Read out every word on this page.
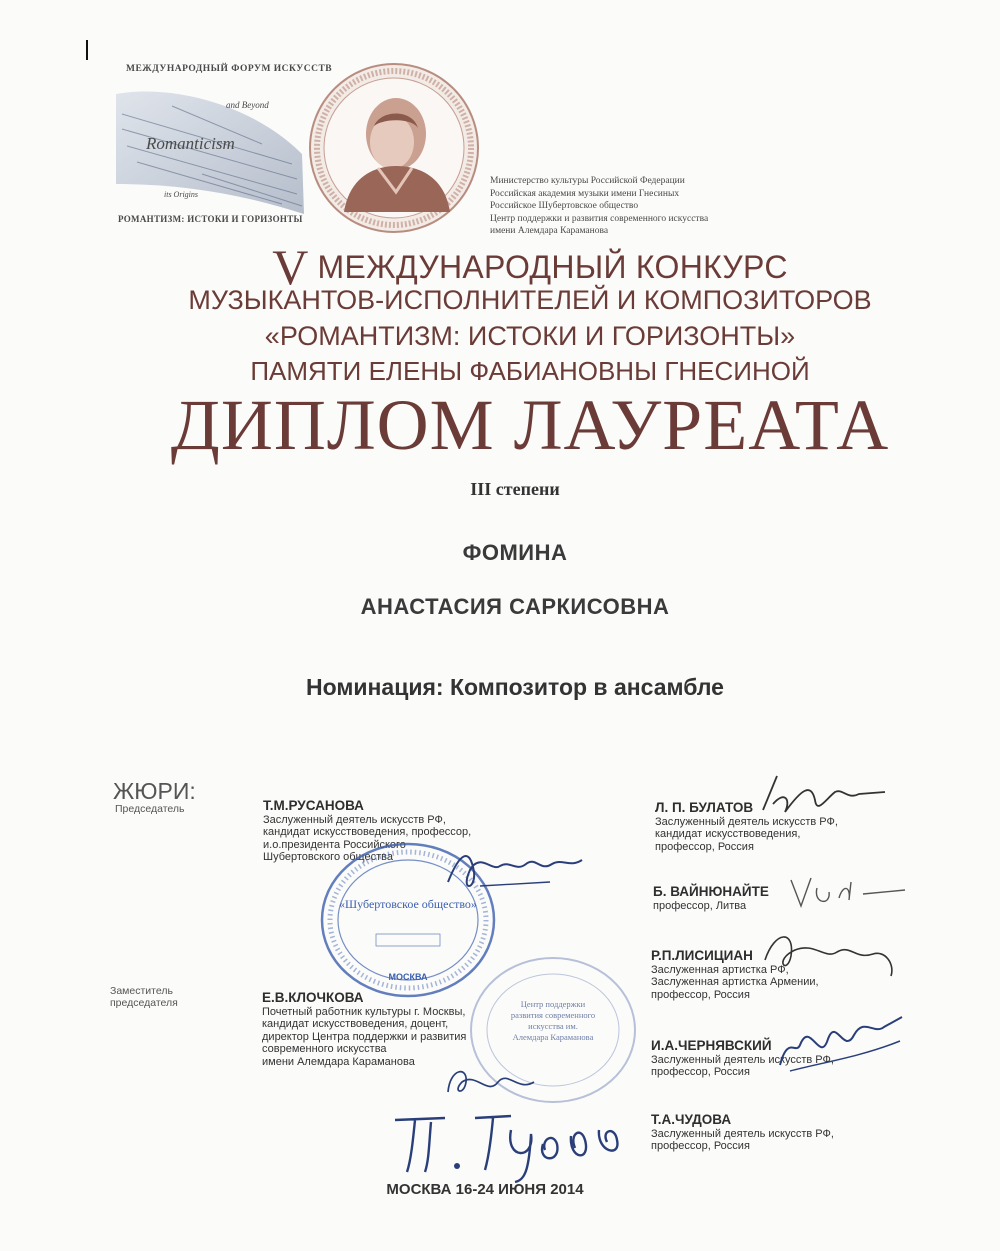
МЕЖДУНАРОДНЫЙ ФОРУМ ИСКУССТВ
and Beyond
Romanticism
its Origins
РОМАНТИЗМ: ИСТОКИ И ГОРИЗОНТЫ
Министерство культуры Российской Федерации
Российская академия музыки имени Гнесиных
Российское Шубертовское общество
Центр поддержки и развития современного искусства
имени Алемдара Караманова
V МЕЖДУНАРОДНЫЙ КОНКУРС
МУЗЫКАНТОВ-ИСПОЛНИТЕЛЕЙ И КОМПОЗИТОРОВ
«РОМАНТИЗМ: ИСТОКИ И ГОРИЗОНТЫ»
ПАМЯТИ ЕЛЕНЫ ФАБИАНОВНЫ ГНЕСИНОЙ
ДИПЛОМ ЛАУРЕАТА
III степени
ФОМИНА
АНАСТАСИЯ САРКИСОВНА
Номинация: Композитор в ансамбле
ЖЮРИ:
Председатель
Заместитель
председателя
Т.М.РУСАНОВА
Заслуженный деятель искусств РФ,
кандидат искусствоведения, профессор,
и.о.президента Российского
Шубертовского общества
Е.В.КЛОЧКОВА
Почетный работник культуры г. Москвы,
кандидат искусствоведения, доцент,
директор Центра поддержки и развития
современного искусства
имени Алемдара Караманова
Л. П. БУЛАТОВ
Заслуженный деятель искусств РФ,
кандидат искусствоведения,
профессор, Россия
Б. ВАЙНЮНАЙТЕ
профессор, Литва
Р.П.ЛИСИЦИАН
Заслуженная артистка РФ,
Заслуженная артистка Армении,
профессор, Россия
И.А.ЧЕРНЯВСКИЙ
Заслуженный деятель искусств РФ,
профессор, Россия
Т.А.ЧУДОВА
Заслуженный деятель искусств РФ,
профессор, Россия
«Шубертовское общество»
МОСКВА
Центр поддержки
развития современного
искусства им.
Алемдара Караманова
МОСКВА 16-24 ИЮНЯ 2014
